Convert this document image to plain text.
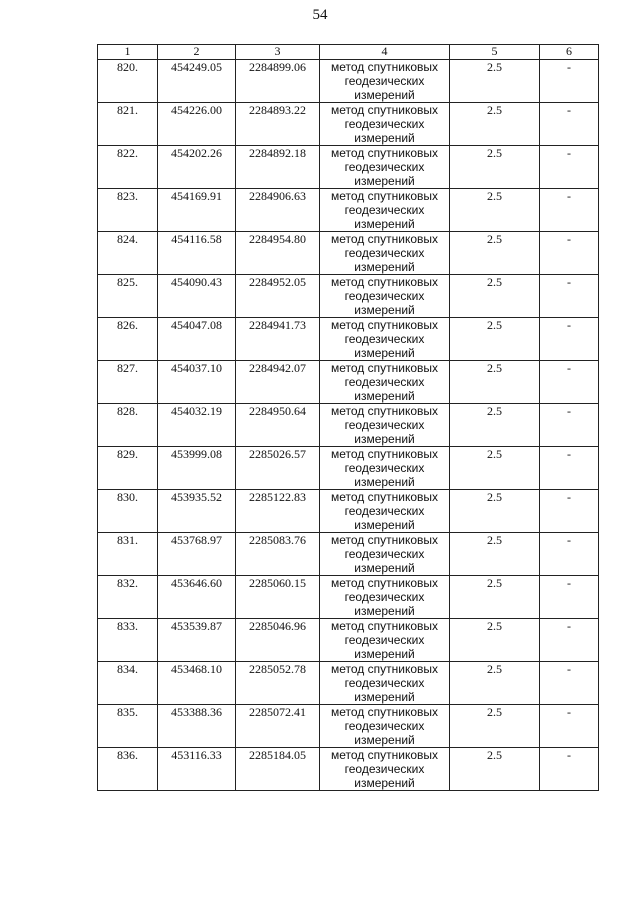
54
1	2	3	4	5	6
820.	454249.05	2284899.06	метод спутниковых геодезических измерений	2.5	-
821.	454226.00	2284893.22	метод спутниковых геодезических измерений	2.5	-
822.	454202.26	2284892.18	метод спутниковых геодезических измерений	2.5	-
823.	454169.91	2284906.63	метод спутниковых геодезических измерений	2.5	-
824.	454116.58	2284954.80	метод спутниковых геодезических измерений	2.5	-
825.	454090.43	2284952.05	метод спутниковых геодезических измерений	2.5	-
826.	454047.08	2284941.73	метод спутниковых геодезических измерений	2.5	-
827.	454037.10	2284942.07	метод спутниковых геодезических измерений	2.5	-
828.	454032.19	2284950.64	метод спутниковых геодезических измерений	2.5	-
829.	453999.08	2285026.57	метод спутниковых геодезических измерений	2.5	-
830.	453935.52	2285122.83	метод спутниковых геодезических измерений	2.5	-
831.	453768.97	2285083.76	метод спутниковых геодезических измерений	2.5	-
832.	453646.60	2285060.15	метод спутниковых геодезических измерений	2.5	-
833.	453539.87	2285046.96	метод спутниковых геодезических измерений	2.5	-
834.	453468.10	2285052.78	метод спутниковых геодезических измерений	2.5	-
835.	453388.36	2285072.41	метод спутниковых геодезических измерений	2.5	-
836.	453116.33	2285184.05	метод спутниковых геодезических измерений	2.5	-
